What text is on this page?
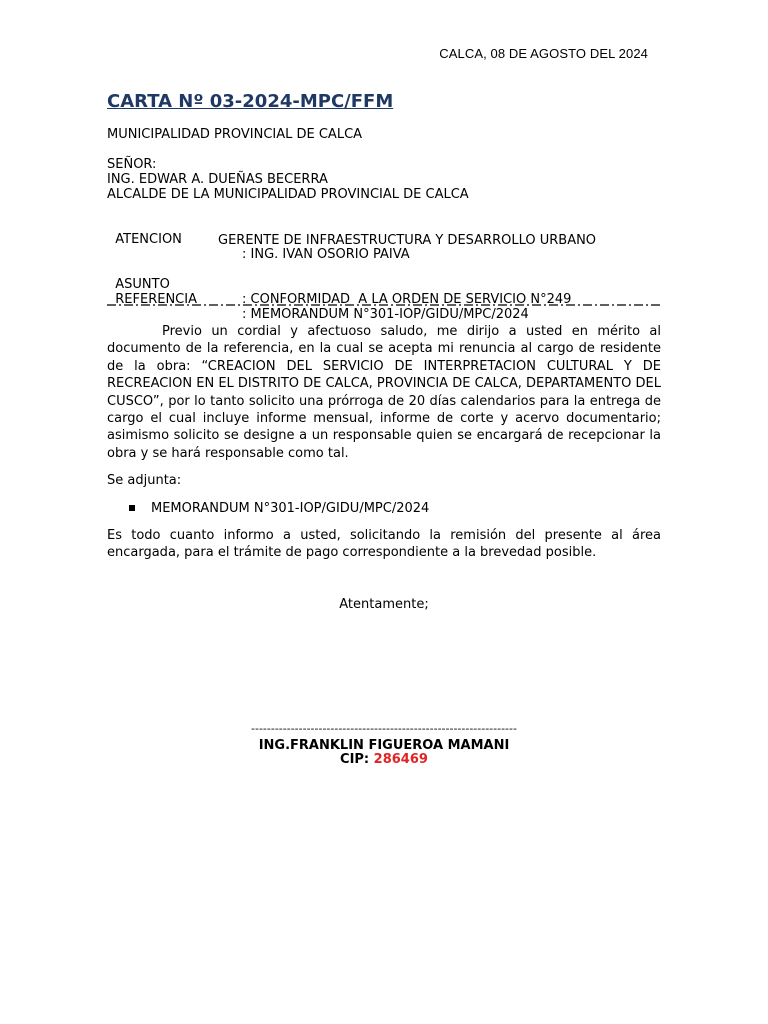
CALCA, 08 DE AGOSTO DEL 2024
CARTA Nº 03-2024-MPC/FFM
MUNICIPALIDAD PROVINCIAL DE CALCA
SEÑOR:
ING. EDWAR A. DUEÑAS BECERRA
ALCALDE DE LA MUNICIPALIDAD PROVINCIAL DE CALCA

ATENCION

: ING. IVAN OSORIO PAIVA

GERENTE DE INFRAESTRUCTURA Y DESARROLLO URBANO

ASUNTO

: CONFORMIDAD  A LA ORDEN DE SERVICIO N°249

REFERENCIA

: MEMORANDUM N°301-IOP/GIDU/MPC/2024

Previo un cordial y afectuoso saludo, me dirijo a usted en mérito al documento de la referencia, en la cual se acepta mi renuncia al cargo de residente de la obra: “CREACION DEL SERVICIO DE INTERPRETACION CULTURAL Y DE RECREACION EN EL DISTRITO DE CALCA, PROVINCIA DE CALCA, DEPARTAMENTO DEL CUSCO”, por lo tanto solicito una prórroga de 20 días calendarios para la entrega de cargo el cual incluye informe mensual, informe de corte y acervo documentario; asimismo solicito se designe a un responsable quien se encargará de recepcionar la obra y se hará responsable como tal.
Se adjunta:
MEMORANDUM N°301-IOP/GIDU/MPC/2024
Es todo cuanto informo a usted, solicitando la remisión del presente al área encargada, para el trámite de pago correspondiente a la brevedad posible.
Atentamente;
-------------------------------------------------------------------
ING.FRANKLIN FIGUEROA MAMANI
CIP: 286469
